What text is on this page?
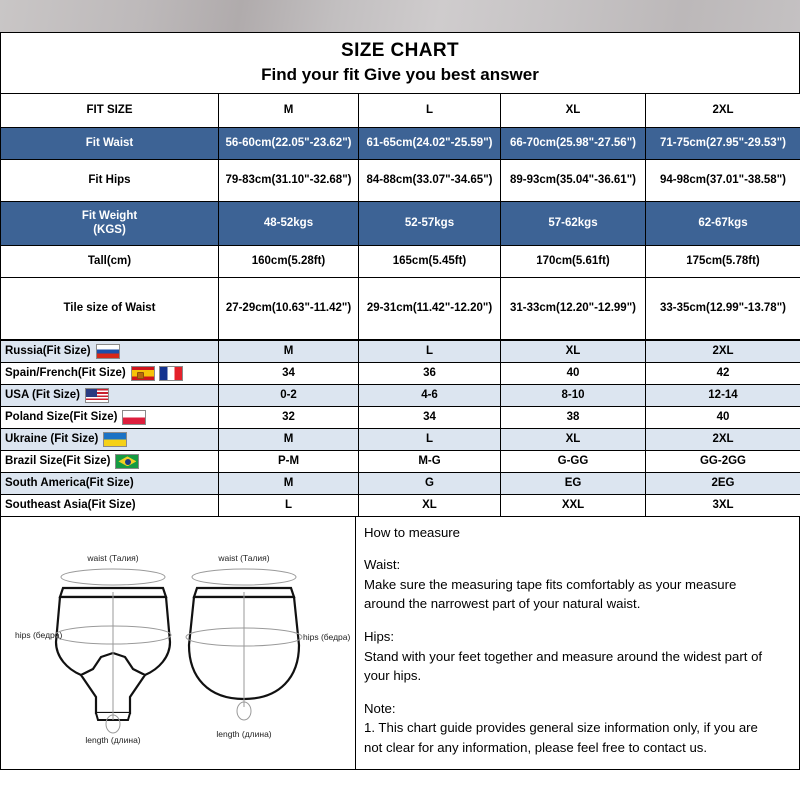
SIZE CHART
Find your fit Give you best answer
FIT SIZE	M	L	XL	2XL
Fit Waist	56-60cm(22.05"-23.62")	61-65cm(24.02"-25.59")	66-70cm(25.98"-27.56")	71-75cm(27.95"-29.53")
Fit Hips	79-83cm(31.10"-32.68")	84-88cm(33.07"-34.65")	89-93cm(35.04"-36.61")	94-98cm(37.01"-38.58")
Fit Weight
(KGS)	48-52kgs	52-57kgs	57-62kgs	62-67kgs
Tall(cm)	160cm(5.28ft)	165cm(5.45ft)	170cm(5.61ft)	175cm(5.78ft)
Tile size of Waist	27-29cm(10.63"-11.42")	29-31cm(11.42"-12.20")	31-33cm(12.20"-12.99")	33-35cm(12.99"-13.78")
Russia(Fit Size)	M	L	XL	2XL

Spain/French(Fit Size)	34	36	40	42

USA (Fit Size)	0-2	4-6	8-10	12-14

Poland Size(Fit Size)	32	34	38	40

Ukraine (Fit Size)	M	L	XL	2XL

Brazil Size(Fit Size)	P-M	M-G	G-GG	GG-2GG

South America(Fit Size)	M	G	EG	2EG

Southeast Asia(Fit Size)	L	XL	XXL	3XL
waist (Талия)
hips (бедра)
length (длина)
waist (Талия)
hips (бедра)
length (длина)
How to measure
Waist:
Make sure the measuring tape fits comfortably as your measure
around the narrowest part of your natural waist.
Hips:
Stand with your feet together and measure around the widest part of
your hips.
Note:
1. This chart guide provides general size information only, if you are
not clear for any information, please feel free to contact us.
